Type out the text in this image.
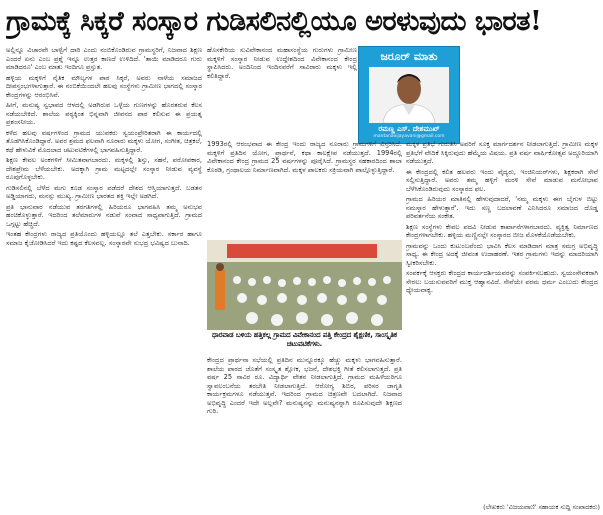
ಗ್ರಾಮಕ್ಕೆ ಸಿಕ್ಕರೆ ಸಂಸ್ಕಾರ ಗುಡಿಸಲಿನಲ್ಲಿಯೂ ಅರಳುವುದು ಭಾರತ!

ಅಲ್ಲಿನ್ನೂ ವಿಚಾರವೇ ಬಾಳ್ವೆಗೆ ದಾರಿ ಎಂದು ನಂಬಿಕೊಂಡಿರುವ ಗ್ರಾಮಸ್ಥರಿಗೆ, ನಿಜವಾದ ಶಿಕ್ಷಣ ಎಂದರೆ ಏನು ಎಂಬ ಪ್ರಶ್ನೆ ಇನ್ನೂ ಉತ್ತರ ಕಾಣದೆ ಉಳಿದಿದೆ. 'ತಾಯಿ ಮಾಡಿದರೂ ಗುರು ಮಾಡಿದರೂ' ಎಂಬ ಮಾತು ಇಂದಿಗೂ ಪ್ರಸ್ತುತ.

ಹಳ್ಳಿಯ ಮಕ್ಕಳಿಗೆ ನೈತಿಕ ಮೌಲ್ಯಗಳ ಪಾಠ ಸಿಕ್ಕರೆ, ಅವರು ನಾಳೆಯ ಸಮಾಜದ ದೀಪಸ್ತಂಭಗಳಾಗುತ್ತಾರೆ. ಈ ನಂಬಿಕೆಯಿಂದಲೇ ಹಲವು ಸಂಸ್ಥೆಗಳು ಗ್ರಾಮೀಣ ಭಾಗದಲ್ಲಿ ಸಂಸ್ಕಾರ ಕೇಂದ್ರಗಳನ್ನು ಆರಂಭಿಸಿವೆ.

ಹೀಗೆ, ಮನುಷ್ಯ ಸ್ವಭಾವದ ಆಳದಲ್ಲಿ ಅಡಗಿರುವ ಒಳ್ಳೆಯ ಗುಣಗಳನ್ನು ಹೊರತರುವ ಕೆಲಸ ನಡೆಯಬೇಕಿದೆ. ಶಾಲೆಯ ಪಠ್ಯಕ್ಕಿಂತ ಭಿನ್ನವಾಗಿ ಜೀವನದ ಪಾಠ ಕಲಿಸುವ ಈ ಪ್ರಯತ್ನ ಪ್ರಶಂಸನೀಯ.

ಕಳೆದ ಹಲವು ವರ್ಷಗಳಿಂದ ಗ್ರಾಮದ ಯುವಕರು ಸ್ವಯಂಪ್ರೇರಿತರಾಗಿ ಈ ಕಾರ್ಯದಲ್ಲಿ ತೊಡಗಿಸಿಕೊಂಡಿದ್ದಾರೆ. ಅವರ ಶ್ರಮದ ಫಲವಾಗಿ ನೂರಾರು ಮಕ್ಕಳು ಯೋಗ, ಸಂಗೀತ, ಚಿತ್ರಕಲೆ, ಕಥೆ ಹೇಳುವಿಕೆ ಮೊದಲಾದ ಚಟುವಟಿಕೆಗಳಲ್ಲಿ ಭಾಗವಹಿಸುತ್ತಿದ್ದಾರೆ.

ಶಿಕ್ಷಣ ಕೇವಲ ಅಂಕಗಳಿಗೆ ಸೀಮಿತವಾಗಬಾರದು. ಮಕ್ಕಳಲ್ಲಿ ಶಿಸ್ತು, ಸಹನೆ, ಪರೋಪಕಾರ, ದೇಶಪ್ರೇಮ ಬೆಳೆಯಬೇಕು. ಅದಕ್ಕಾಗಿ ಗ್ರಾಮ ಮಟ್ಟದಲ್ಲೇ ಸಂಸ್ಕಾರ ನೀಡುವ ವ್ಯವಸ್ಥೆ ರೂಪುಗೊಳ್ಳಬೇಕು.

ಗುಡಿಸಲಿನಲ್ಲಿ ಬೆಳೆದ ಮಗು ಕೂಡ ಸಂಸ್ಕಾರ ಪಡೆದರೆ ದೇಶದ ಆಸ್ತಿಯಾಗುತ್ತದೆ. ಬಡತನ ಅಡ್ಡಿಯಾಗದು, ಮನಸ್ಸು ಮುಖ್ಯ. ಗ್ರಾಮೀಣ ಭಾರತದ ಶಕ್ತಿ ಇಲ್ಲೇ ಅಡಗಿದೆ.

ಪ್ರತಿ ಭಾನುವಾರ ನಡೆಯುವ ತರಗತಿಗಳಲ್ಲಿ ಹಿರಿಯರೂ ಭಾಗವಹಿಸಿ ತಮ್ಮ ಅನುಭವ ಹಂಚಿಕೊಳ್ಳುತ್ತಾರೆ. ಇದರಿಂದ ತಲೆಮಾರುಗಳ ನಡುವೆ ಸಂವಾದ ಸಾಧ್ಯವಾಗುತ್ತಿದೆ. ಗ್ರಾಮದ ಒಗ್ಗಟ್ಟು ಹೆಚ್ಚಿದೆ.

ಇಂತಹ ಕೇಂದ್ರಗಳು ರಾಜ್ಯದ ಪ್ರತಿಯೊಂದು ಹಳ್ಳಿಯಲ್ಲೂ ತಲೆ ಎತ್ತಬೇಕು. ಸರ್ಕಾರ ಹಾಗೂ ಸಮಾಜ ಕೈಜೋಡಿಸಿದರೆ ಇದು ಕಷ್ಟದ ಕೆಲಸವಲ್ಲ. ಸಂಸ್ಕಾರವೇ ಸುಭದ್ರ ಭವಿಷ್ಯದ ಬುನಾದಿ.

ಹೊಸಕೇರಿಯ ಸುವಿವೇಕಾನಂದ ಮಹಾಸಂಸ್ಥೆಯ ಗುರುಗಳು ಗ್ರಾಮೀಣ ಮಕ್ಕಳಿಗೆ ಸಂಸ್ಕಾರ ನೀಡುವ ಉದ್ದೇಶದಿಂದ ವಿವೇಕಾನಂದ ಕೇಂದ್ರ ಸ್ಥಾಪಿಸಿದರು. ಅಂದಿನಿಂದ ಇಂದಿನವರೆಗೆ ಸಾವಿರಾರು ಮಕ್ಕಳು ಇಲ್ಲಿ ಕಲಿತಿದ್ದಾರೆ.
ಜರೂರ್ ಮಾತು
ರಮಣ್ಣ ಎಸ್. ದೇಶಮುಖ್
mantanavijayavani@gmail.com
1993ರಲ್ಲಿ ಆರಂಭವಾದ ಈ ಕೇಂದ್ರ ಇಂದು ರಾಜ್ಯದ ನೂರಾರು ಗ್ರಾಮಗಳಿಗೆ ವಿಸ್ತರಿಸಿದೆ. ಮಕ್ಕಳಿಗೆ ಪ್ರತಿದಿನ ಯೋಗ, ಪ್ರಾರ್ಥನೆ, ಕಥಾ ಕಾಲಕ್ಷೇಪ ನಡೆಯುತ್ತದೆ. 1994ರಲ್ಲಿ ವಿವೇಕಾನಂದ ಕೇಂದ್ರ ಗ್ರಾಮದ 25 ವರ್ಷಗಳನ್ನು ಪೂರೈಸಿದೆ. ಗ್ರಾಮಸ್ಥರ ಸಹಕಾರದಿಂದ ಶಾಲಾ ಕೊಠಡಿ, ಗ್ರಂಥಾಲಯ ನಿರ್ಮಾಣವಾಗಿದೆ. ಮಕ್ಕಳ ಪಾಲಕರು ಸಕ್ರಿಯವಾಗಿ ಪಾಲ್ಗೊಳ್ಳುತ್ತಿದ್ದಾರೆ.
ಧಾರವಾಡ ಬಳಿಯ ಹತ್ತಿಕಲ್ಲ ಗ್ರಾಮದ ವಿವೇಕಾನಂದ ಪತ್ತಿ ಕೇಂದ್ರದ ಶೈಕ್ಷಣಿಕ, ಸಾಂಸ್ಕೃತಿಕ ಚಟುವಟಿಕೆಗಳು.
ಕೇಂದ್ರದ ಪ್ರಾರ್ಥನಾ ಸಭೆಯಲ್ಲಿ ಪ್ರತಿದಿನ ಮುನ್ನೂರಕ್ಕೂ ಹೆಚ್ಚು ಮಕ್ಕಳು ಭಾಗವಹಿಸುತ್ತಾರೆ. ಶಾಲೆಯ ಪಾಠದ ಜೊತೆಗೆ ಸಂಸ್ಕೃತ ಶ್ಲೋಕ, ಭಜನೆ, ದೇಶಭಕ್ತಿ ಗೀತೆ ಕಲಿಸಲಾಗುತ್ತದೆ. ಪ್ರತಿ ವರ್ಷ 25 ಸಾವಿರ ರೂ. ವಿದ್ಯಾರ್ಥಿ ವೇತನ ನೀಡಲಾಗುತ್ತಿದೆ. ಗ್ರಾಮದ ಮಹಿಳೆಯರಿಗೂ ಸ್ವಾವಲಂಬನೆಯ ತರಬೇತಿ ನೀಡಲಾಗುತ್ತಿದೆ. ಆರೋಗ್ಯ ಶಿಬಿರ, ಪರಿಸರ ಜಾಗೃತಿ ಕಾರ್ಯಕ್ರಮಗಳೂ ನಡೆಯುತ್ತವೆ. ಇದರಿಂದ ಗ್ರಾಮದ ಚಿತ್ರಣವೇ ಬದಲಾಗಿದೆ. ನಿಜವಾದ ಅಭಿವೃದ್ಧಿ ಎಂದರೆ ಇದೇ ಅಲ್ಲವೇ? ಮನುಷ್ಯನನ್ನು ಮನುಷ್ಯನನ್ನಾಗಿ ರೂಪಿಸುವುದೇ ಶಿಕ್ಷಣದ ಗುರಿ.

ಮಕ್ಕಳ ಪ್ರತಿಭೆ ಗುರುತಿಸಿ ಅವರಿಗೆ ಸೂಕ್ತ ಮಾರ್ಗದರ್ಶನ ನೀಡಲಾಗುತ್ತಿದೆ. ಗ್ರಾಮೀಣ ಮಕ್ಕಳ ಪ್ರತಿಭೆಗೆ ವೇದಿಕೆ ಸಿಕ್ಕಿರುವುದು ಹೆಮ್ಮೆಯ ವಿಷಯ. ಪ್ರತಿ ವರ್ಷ ವಾರ್ಷಿಕೋತ್ಸವ ಅದ್ದೂರಿಯಾಗಿ ನಡೆಯುತ್ತದೆ.

ಈ ಕೇಂದ್ರದಲ್ಲಿ ಕಲಿತ ಹಲವರು ಇಂದು ವೈದ್ಯರು, ಇಂಜಿನಿಯರ್‌ಗಳು, ಶಿಕ್ಷಕರಾಗಿ ಸೇವೆ ಸಲ್ಲಿಸುತ್ತಿದ್ದಾರೆ. ಅವರು ತಮ್ಮ ಹಳ್ಳಿಗೆ ಮರಳಿ ಸೇವೆ ಮಾಡುವ ಮನೋಭಾವ ಬೆಳೆಸಿಕೊಂಡಿರುವುದು ಸಂಸ್ಕಾರದ ಫಲ.

ಗ್ರಾಮದ ಹಿರಿಯರ ಮಾತಿನಲ್ಲಿ ಹೇಳುವುದಾದರೆ, 'ನಮ್ಮ ಮಕ್ಕಳು ಈಗ ಬೈಗುಳ ಬಿಟ್ಟು ನಮಸ್ಕಾರ ಹೇಳುತ್ತಾರೆ'. ಇದು ಸಣ್ಣ ಬದಲಾವಣೆ ಎನಿಸಿದರೂ ಸಮಾಜದ ದೊಡ್ಡ ಪರಿವರ್ತನೆಯ ಸಂಕೇತ.

ಶಿಕ್ಷಣ ಸಂಸ್ಥೆಗಳು ಕೇವಲ ಪದವಿ ನೀಡುವ ಕಾರ್ಖಾನೆಗಳಾಗಬಾರದು. ವ್ಯಕ್ತಿತ್ವ ನಿರ್ಮಾಣದ ಕೇಂದ್ರಗಳಾಗಬೇಕು. ಹಳ್ಳಿಯ ಮಣ್ಣಿನಲ್ಲೇ ಸಂಸ್ಕಾರದ ಬೀಜ ಮೊಳಕೆಯೊಡೆಯಬೇಕು.

ಗ್ರಾಮವನ್ನು ಒಂದು ಕುಟುಂಬವೆಂದು ಭಾವಿಸಿ ಕೆಲಸ ಮಾಡಿದಾಗ ಮಾತ್ರ ಸಮಗ್ರ ಅಭಿವೃದ್ಧಿ ಸಾಧ್ಯ. ಈ ಕೇಂದ್ರ ಅದಕ್ಕೆ ಜೀವಂತ ಉದಾಹರಣೆ. ಇತರ ಗ್ರಾಮಗಳು ಇದನ್ನು ಮಾದರಿಯಾಗಿ ಸ್ವೀಕರಿಸಬೇಕು.

ಸಂಪರ್ಕಕ್ಕೆ ಆಸಕ್ತರು ಕೇಂದ್ರದ ಕಾರ್ಯದರ್ಶಿಯವರನ್ನು ಸಂಪರ್ಕಿಸಬಹುದು. ಸ್ವಯಂಸೇವಕರಾಗಿ ಸೇರಲು ಬಯಸುವವರಿಗೆ ಮುಕ್ತ ಆಹ್ವಾನವಿದೆ. ಸೇವೆಯೇ ಪರಮ ಧರ್ಮ ಎಂಬುದು ಕೇಂದ್ರದ ಧ್ಯೇಯವಾಕ್ಯ.

(ಲೇಖಕರು 'ವಿಜಯವಾಣಿ' ಸಹಾಯಕ ಸುದ್ದಿ ಸಂಪಾದಕರು)
